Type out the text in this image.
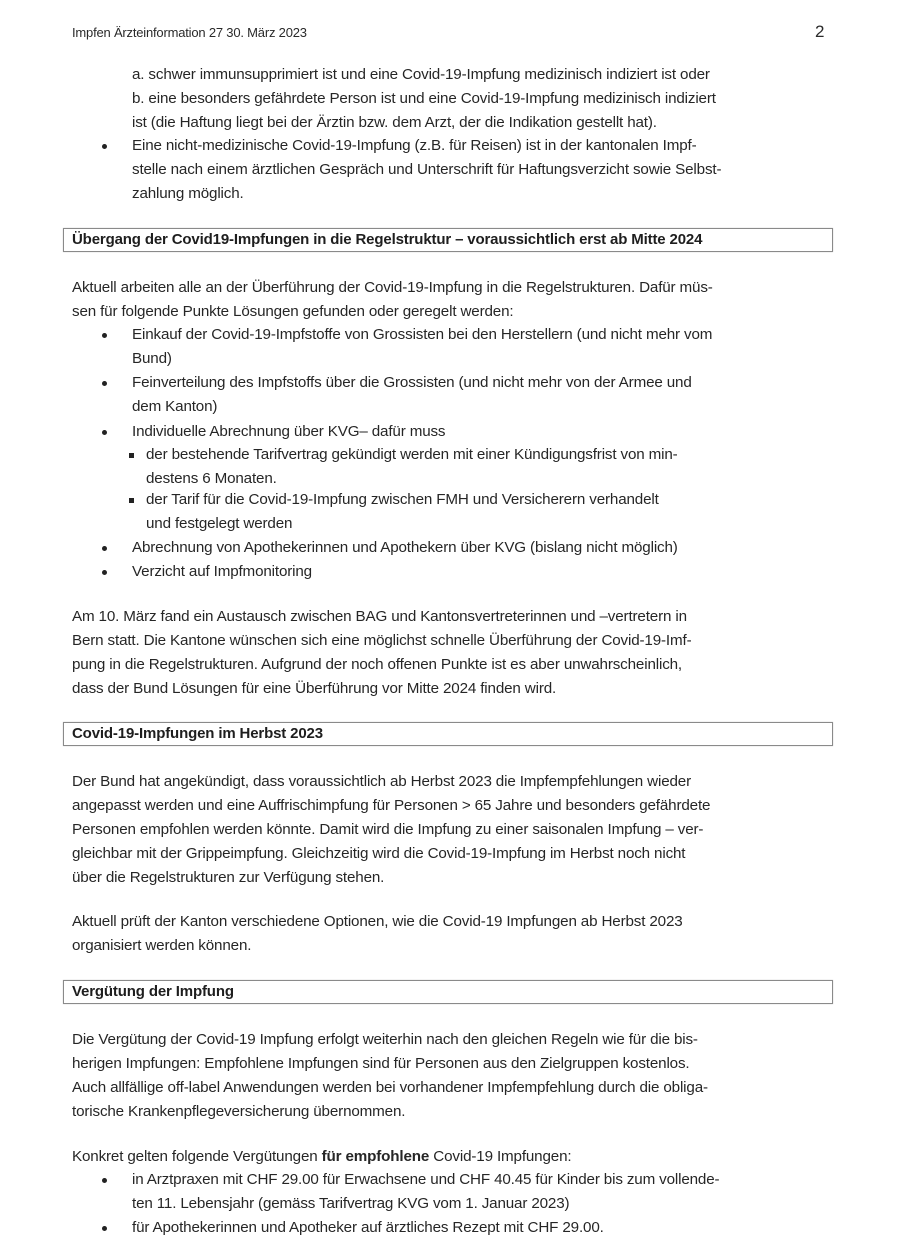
Impfen Ärzteinformation 27 30. März 2023	2
a. schwer immunsupprimiert ist und eine Covid-19-Impfung medizinisch indiziert ist oder
b. eine besonders gefährdete Person ist und eine Covid-19-Impfung medizinisch indiziert
ist (die Haftung liegt bei der Ärztin bzw. dem Arzt, der die Indikation gestellt hat).
Eine nicht-medizinische Covid-19-Impfung (z.B. für Reisen) ist in der kantonalen Impf-
stelle nach einem ärztlichen Gespräch und Unterschrift für Haftungsverzicht sowie Selbst-
zahlung möglich.
Übergang der Covid19-Impfungen in die Regelstruktur – voraussichtlich erst ab Mitte 2024
Aktuell arbeiten alle an der Überführung der Covid-19-Impfung in die Regelstrukturen. Dafür müs-
sen für folgende Punkte Lösungen gefunden oder geregelt werden:
Einkauf der Covid-19-Impfstoffe von Grossisten bei den Herstellern (und nicht mehr vom
Bund)
Feinverteilung des Impfstoffs über die Grossisten (und nicht mehr von der Armee und
dem Kanton)
Individuelle Abrechnung über KVG– dafür muss
der bestehende Tarifvertrag gekündigt werden mit einer Kündigungsfrist von min-
destens 6 Monaten.
der Tarif für die Covid-19-Impfung zwischen FMH und Versicherern verhandelt
und festgelegt werden
Abrechnung von Apothekerinnen und Apothekern über KVG (bislang nicht möglich)
Verzicht auf Impfmonitoring
Am 10. März fand ein Austausch zwischen BAG und Kantonsvertreterinnen und –vertretern in
Bern statt. Die Kantone wünschen sich eine möglichst schnelle Überführung der Covid-19-Imf-
pung in die Regelstrukturen. Aufgrund der noch offenen Punkte ist es aber unwahrscheinlich,
dass der Bund Lösungen für eine Überführung vor Mitte 2024 finden wird.
Covid-19-Impfungen im Herbst 2023
Der Bund hat angekündigt, dass voraussichtlich ab Herbst 2023 die Impfempfehlungen wieder
angepasst werden und eine Auffrischimpfung für Personen > 65 Jahre und besonders gefährdete
Personen empfohlen werden könnte. Damit wird die Impfung zu einer saisonalen Impfung – ver-
gleichbar mit der Grippeimpfung. Gleichzeitig wird die Covid-19-Impfung im Herbst noch nicht
über die Regelstrukturen zur Verfügung stehen.
Aktuell prüft der Kanton verschiedene Optionen, wie die Covid-19 Impfungen ab Herbst 2023
organisiert werden können.
Vergütung der Impfung
Die Vergütung der Covid-19 Impfung erfolgt weiterhin nach den gleichen Regeln wie für die bis-
herigen Impfungen: Empfohlene Impfungen sind für Personen aus den Zielgruppen kostenlos.
Auch allfällige off-label Anwendungen werden bei vorhandener Impfempfehlung durch die obliga-
torische Krankenpflegeversicherung übernommen.
Konkret gelten folgende Vergütungen für empfohlene Covid-19 Impfungen:
in Arztpraxen mit CHF 29.00 für Erwachsene und CHF 40.45 für Kinder bis zum vollende-
ten 11. Lebensjahr (gemäss Tarifvertrag KVG vom 1. Januar 2023)
für Apothekerinnen und Apotheker auf ärztliches Rezept mit CHF 29.00.
